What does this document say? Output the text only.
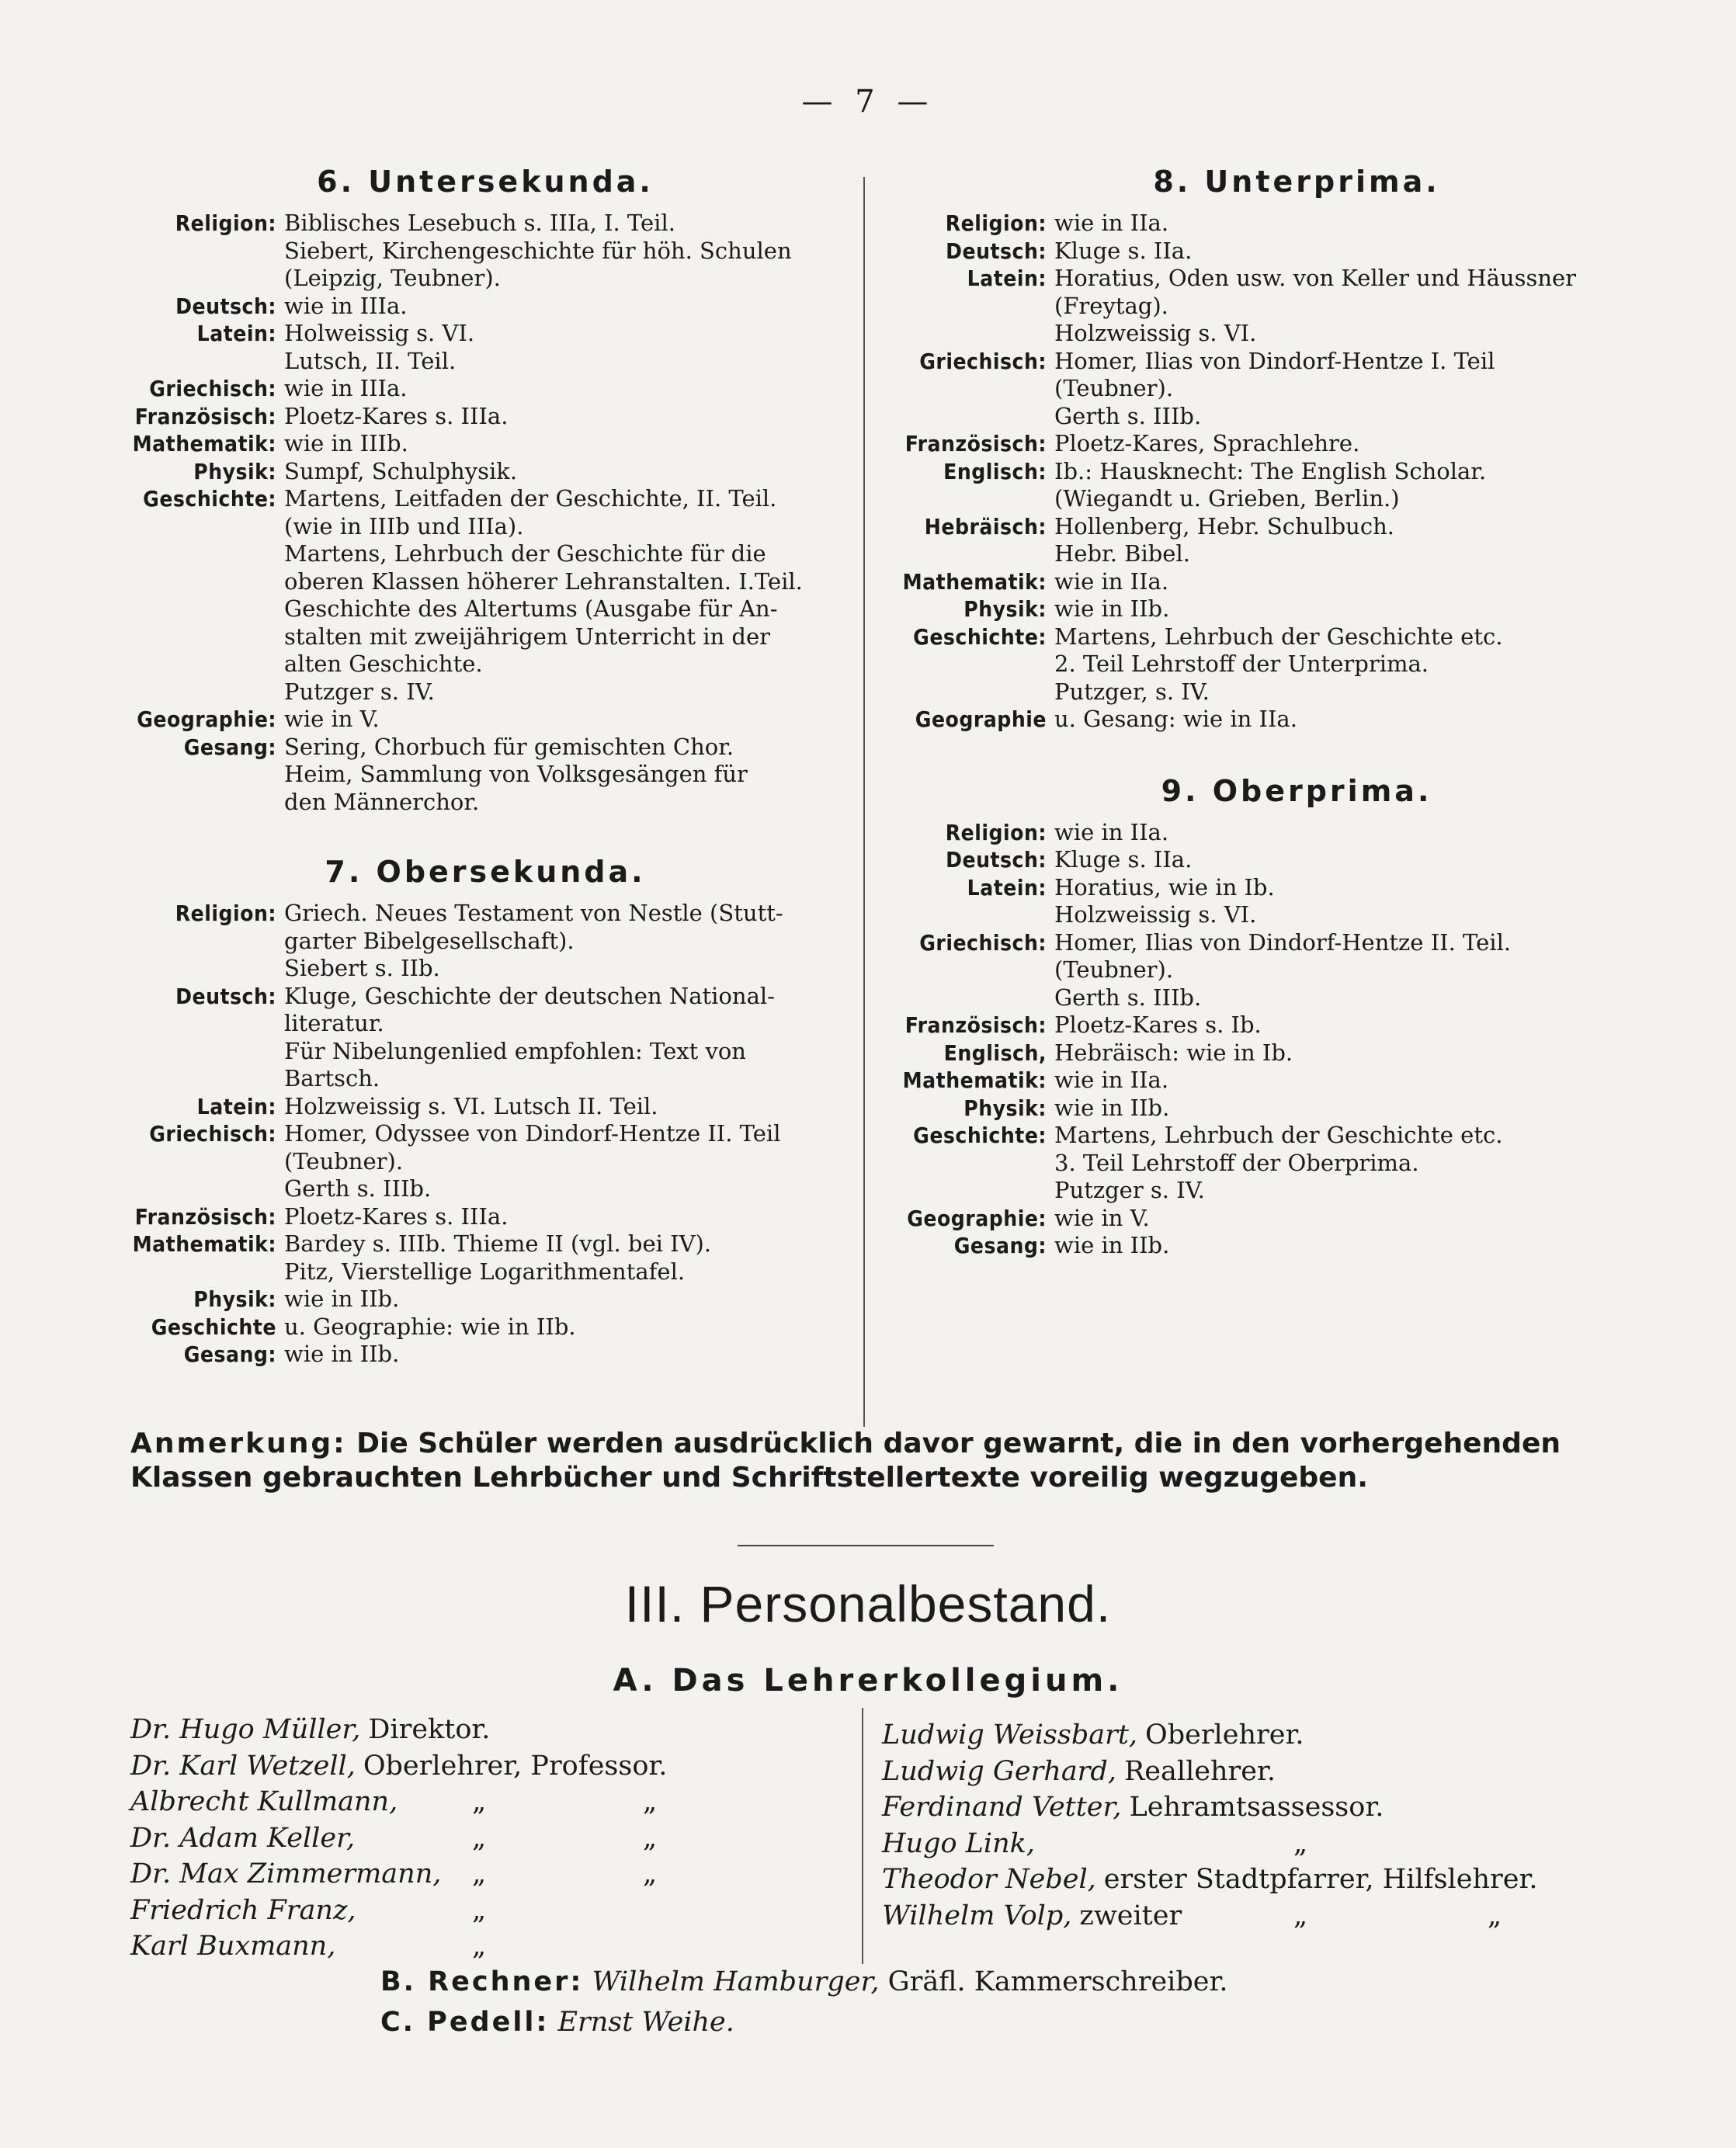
— 7 —
6. Untersekunda.
Religion: Biblisches Lesebuch s. IIIa, I. Teil.
Siebert, Kirchengeschichte für höh. Schulen
(Leipzig, Teubner).
Deutsch: wie in IIIa.
Latein: Holweissig s. VI.
Lutsch, II. Teil.
Griechisch: wie in IIIa.
Französisch: Ploetz-Kares s. IIIa.
Mathematik: wie in IIIb.
Physik: Sumpf, Schulphysik.
Geschichte: Martens, Leitfaden der Geschichte, II. Teil.
(wie in IIIb und IIIa).
Martens, Lehrbuch der Geschichte für die
oberen Klassen höherer Lehranstalten. I.Teil.
Geschichte des Altertums (Ausgabe für An-
stalten mit zweijährigem Unterricht in der
alten Geschichte.
Putzger s. IV.
Geographie: wie in V.
Gesang: Sering, Chorbuch für gemischten Chor.
Heim, Sammlung von Volksgesängen für
den Männerchor.
7. Obersekunda.
Religion: Griech. Neues Testament von Nestle (Stutt-
garter Bibelgesellschaft).
Siebert s. IIb.
Deutsch: Kluge, Geschichte der deutschen National-
literatur.
Für Nibelungenlied empfohlen: Text von
Bartsch.
Latein: Holzweissig s. VI. Lutsch II. Teil.
Griechisch: Homer, Odyssee von Dindorf-Hentze II. Teil
(Teubner).
Gerth s. IIIb.
Französisch: Ploetz-Kares s. IIIa.
Mathematik: Bardey s. IIIb. Thieme II (vgl. bei IV).
Pitz, Vierstellige Logarithmentafel.
Physik: wie in IIb.
Geschichte u. Geographie: wie in IIb.
Gesang: wie in IIb.
8. Unterprima.
Religion: wie in IIa.
Deutsch: Kluge s. IIa.
Latein: Horatius, Oden usw. von Keller und Häussner
(Freytag).
Holzweissig s. VI.
Griechisch: Homer, Ilias von Dindorf-Hentze I. Teil
(Teubner).
Gerth s. IIIb.
Französisch: Ploetz-Kares, Sprachlehre.
Englisch: Ib.: Hausknecht: The English Scholar.
(Wiegandt u. Grieben, Berlin.)
Hebräisch: Hollenberg, Hebr. Schulbuch.
Hebr. Bibel.
Mathematik: wie in IIa.
Physik: wie in IIb.
Geschichte: Martens, Lehrbuch der Geschichte etc.
2. Teil Lehrstoff der Unterprima.
Putzger, s. IV.
Geographie u. Gesang: wie in IIa.
9. Oberprima.
Religion: wie in IIa.
Deutsch: Kluge s. IIa.
Latein: Horatius, wie in Ib.
Holzweissig s. VI.
Griechisch: Homer, Ilias von Dindorf-Hentze II. Teil.
(Teubner).
Gerth s. IIIb.
Französisch: Ploetz-Kares s. Ib.
Englisch, Hebräisch: wie in Ib.
Mathematik: wie in IIa.
Physik: wie in IIb.
Geschichte: Martens, Lehrbuch der Geschichte etc.
3. Teil Lehrstoff der Oberprima.
Putzger s. IV.
Geographie: wie in V.
Gesang: wie in IIb.
Anmerkung: Die Schüler werden ausdrücklich davor gewarnt, die in den vorhergehenden Klassen gebrauchten Lehrbücher und Schriftstellertexte voreilig wegzugeben.
III. Personalbestand.
A. Das Lehrerkollegium.
Dr. Hugo Müller, Direktor.
Dr. Karl Wetzell, Oberlehrer, Professor.
Albrecht Kullmann,	„	„
Dr. Adam Keller,	„	„
Dr. Max Zimmermann, „	„
Friedrich Franz,	„
Karl Buxmann,	„
Ludwig Weissbart, Oberlehrer.
Ludwig Gerhard, Reallehrer.
Ferdinand Vetter, Lehramtsassessor.
Hugo Link,	„
Theodor Nebel, erster Stadtpfarrer, Hilfslehrer.
Wilhelm Volp, zweiter	„	„
B. Rechner: Wilhelm Hamburger, Gräfl. Kammerschreiber.
C. Pedell: Ernst Weihe.
